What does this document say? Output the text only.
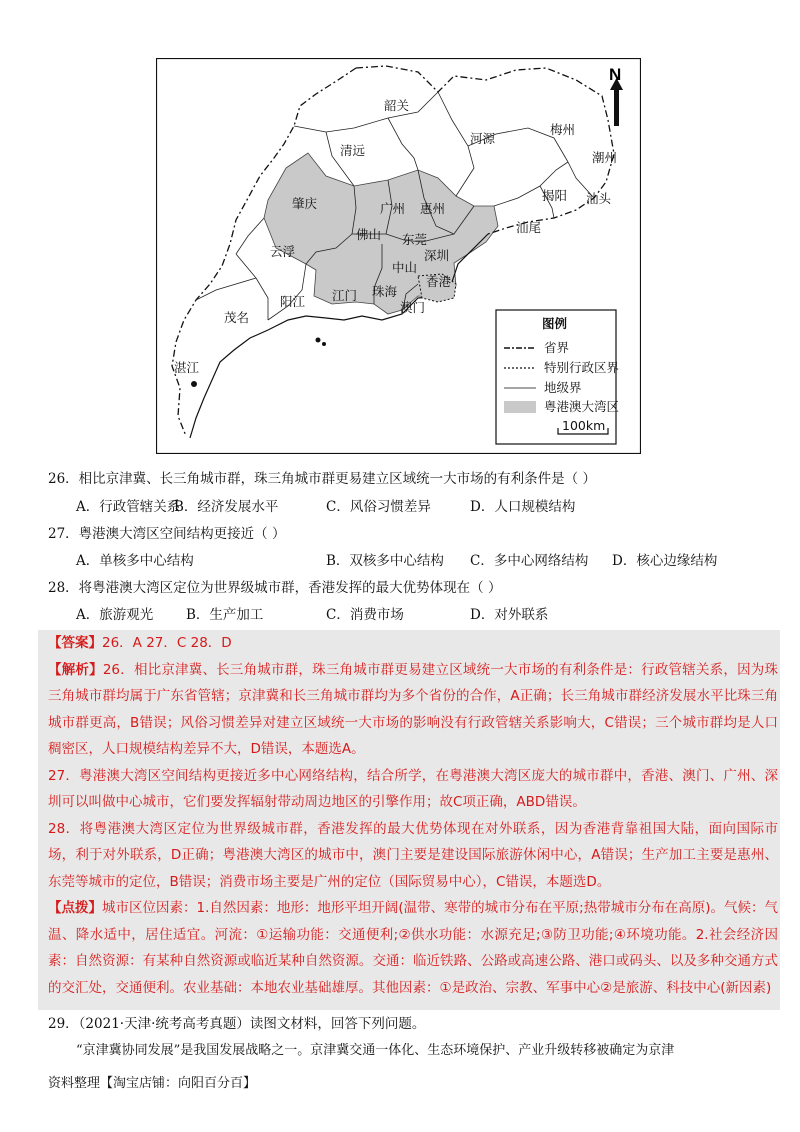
N
韶关
清远
河源
梅州
潮州
揭阳 汕头
汕尾
肇庆	广州 惠州
佛山 东莞
云浮	深圳
中山
香港
江门 珠海
澳门
阳江
茂名
湛江
图例
省界
特别行政区界
地级界
粤港澳大湾区
100km
26．相比京津冀、长三角城市群，珠三角城市群更易建立区域统一大市场的有利条件是（ ）
A．行政管辖关系
B．经济发展水平	C．风俗习惯差异	D．人口规模结构
27．粤港澳大湾区空间结构更接近（ ）
A．单核多中心结构	B．双核多中心结构 C．多中心网络结构 D．核心边缘结构
28．将粤港澳大湾区定位为世界级城市群，香港发挥的最大优势体现在（ ）
A．旅游观光 B．生产加工	C．消费市场	D．对外联系

【答案】26．A 27．C 28．D

【解析】26．相比京津冀、长三角城市群，珠三角城市群更易建立区域统一大市场的有利条件是：行政管辖关系，因为珠三角城市群均属于广东省管辖；京津冀和长三角城市群均为多个省份的合作，A正确；长三角城市群经济发展水平比珠三角城市群更高，B错误；风俗习惯差异对建立区域统一大市场的影响没有行政管辖关系影响大，C错误；三个城市群均是人口稠密区，人口规模结构差异不大，D错误，本题选A。

27．粤港澳大湾区空间结构更接近多中心网络结构，结合所学，在粤港澳大湾区庞大的城市群中，香港、澳门、广州、深圳可以叫做中心城市，它们要发挥辐射带动周边地区的引擎作用；故C项正确，ABD错误。

28．将粤港澳大湾区定位为世界级城市群，香港发挥的最大优势体现在对外联系，因为香港背靠祖国大陆，面向国际市场，利于对外联系，D正确；粤港澳大湾区的城市中，澳门主要是建设国际旅游休闲中心，A错误；生产加工主要是惠州、东莞等城市的定位，B错误；消费市场主要是广州的定位（国际贸易中心），C错误，本题选D。

【点拨】城市区位因素：1.自然因素：地形：地形平坦开阔(温带、寒带的城市分布在平原;热带城市分布在高原)。气候：气温、降水适中，居住适宜。河流：①运输功能：交通便利;②供水功能：水源充足;③防卫功能;④环境功能。2.社会经济因素：自然资源：有某种自然资源或临近某种自然资源。交通：临近铁路、公路或高速公路、港口或码头、以及多种交通方式的交汇处，交通便利。农业基础：本地农业基础雄厚。其他因素：①是政治、宗教、军事中心②是旅游、科技中心(新因素)

29．（2021·天津·统考高考真题）读图文材料，回答下列问题。
“京津冀协同发展”是我国发展战略之一。京津冀交通一体化、生态环境保护、产业升级转移被确定为京津
资料整理【淘宝店铺：向阳百分百】
